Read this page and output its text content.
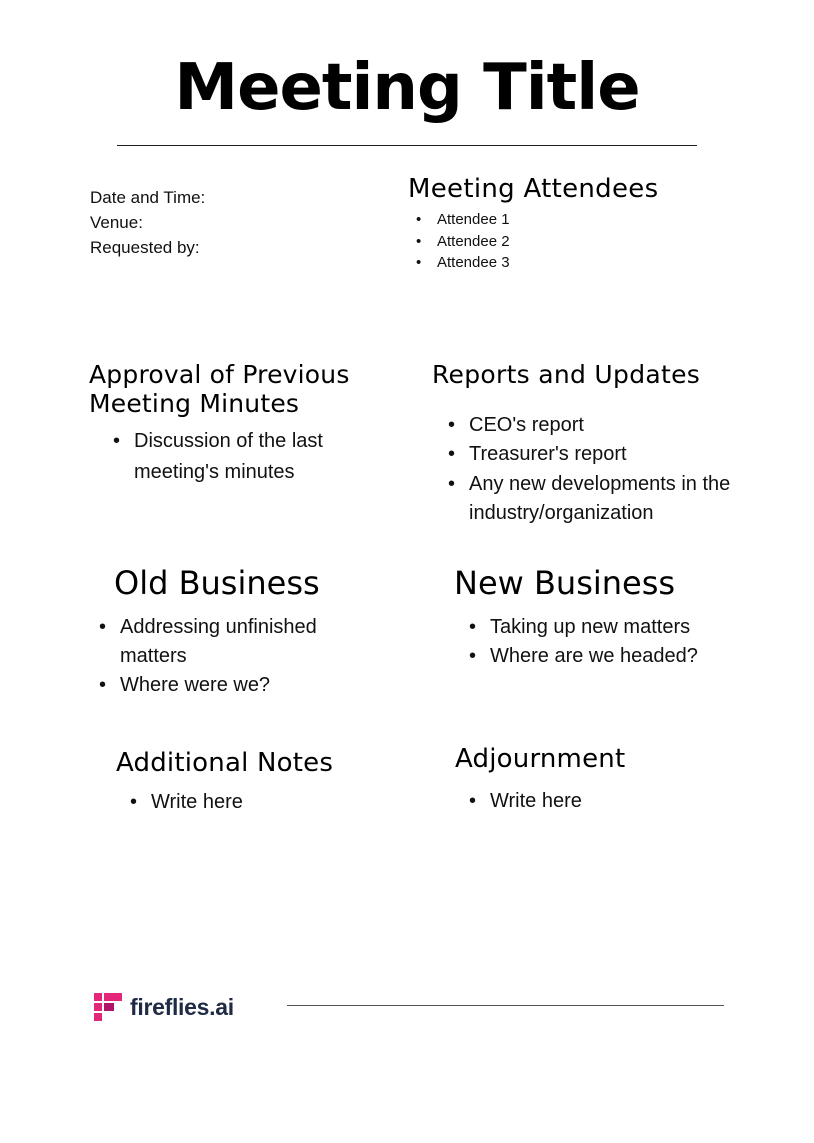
Meeting Title
Date and Time:
Venue:
Requested by:
Meeting Attendees
• Attendee 1
• Attendee 2
• Attendee 3
Approval of Previous Meeting Minutes
• Discussion of the last meeting's minutes
Reports and Updates
• CEO's report
• Treasurer's report
• Any new developments in the industry/organization
Old Business
• Addressing unfinished matters
• Where were we?
New Business
• Taking up new matters
• Where are we headed?
Additional Notes
• Write here
Adjournment
• Write here
fireflies.ai
